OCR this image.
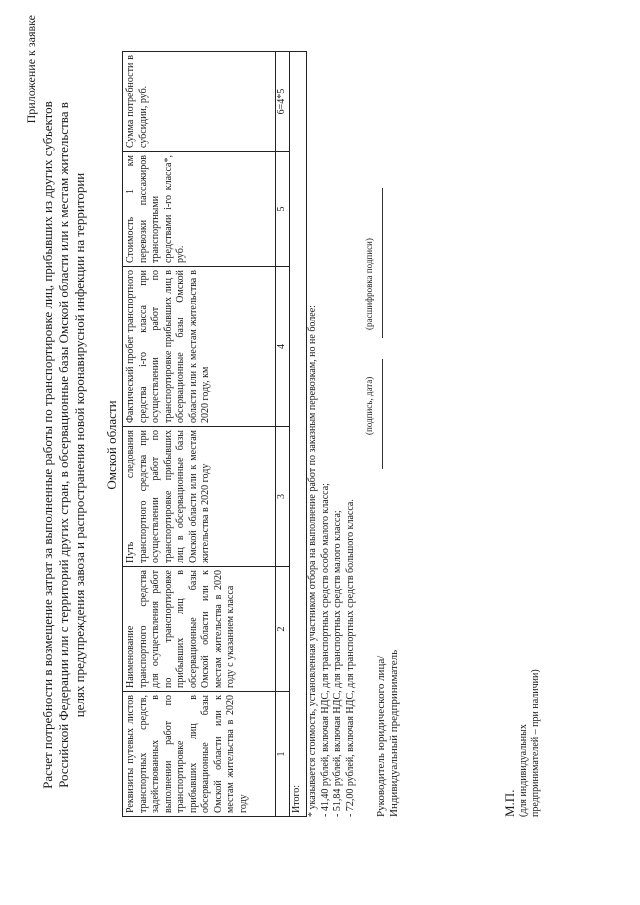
Приложение к заявке
Расчет потребности в возмещение затрат за выполненные работы по транспортировке лиц, прибывших из других субъектов Российской Федерации или с территорий других стран, в обсервационные базы Омской области или к местам жительства в целях предупреждения завоза и распространения новой коронавирусной инфекции на территории Омской области
Реквизиты путевых листов транспортных средств, задействованных в выполнении работ по транспортировке прибывших лиц в обсервационные базы Омской области или к местам жительства в 2020 году	Наименование транспортного средства для осуществления работ по транспортировке прибывших лиц в обсервационные базы Омской области или к местам жительства в 2020 году с указанием класса	Путь следования транспортного средства при осуществлении работ по транспортировке прибывших лиц в обсервационные базы Омской области или к местам жительства в 2020 году	Фактический пробег транспортного средства i-го класса при осуществлении работ по транспортировке прибывших лиц в обсервационные базы Омской области или к местам жительства в 2020 году, км	Стоимость 1 км перевозки пассажиров транспортными средствами i-го класса*, руб.	Сумма потребности в субсидии, руб.
1	2	3	4	5	6=4*5
Итого:					* указывается стоимость, установленная участником отбора на выполнение работ по заказным перевозкам, но не более: - 41,40 рублей, включая НДС, для транспортных средств особо малого класса; - 51,84 рублей, включая НДС, для транспортных средств малого класса; - 72,00 рублей, включая НДС, для транспортных средств большого класса. Руководитель юридического лица/ Индивидуальный предприниматель
(подпись, дата)
(расшифровка подписи)
М.П. (для индивидуальных предпринимателей – при наличии)
